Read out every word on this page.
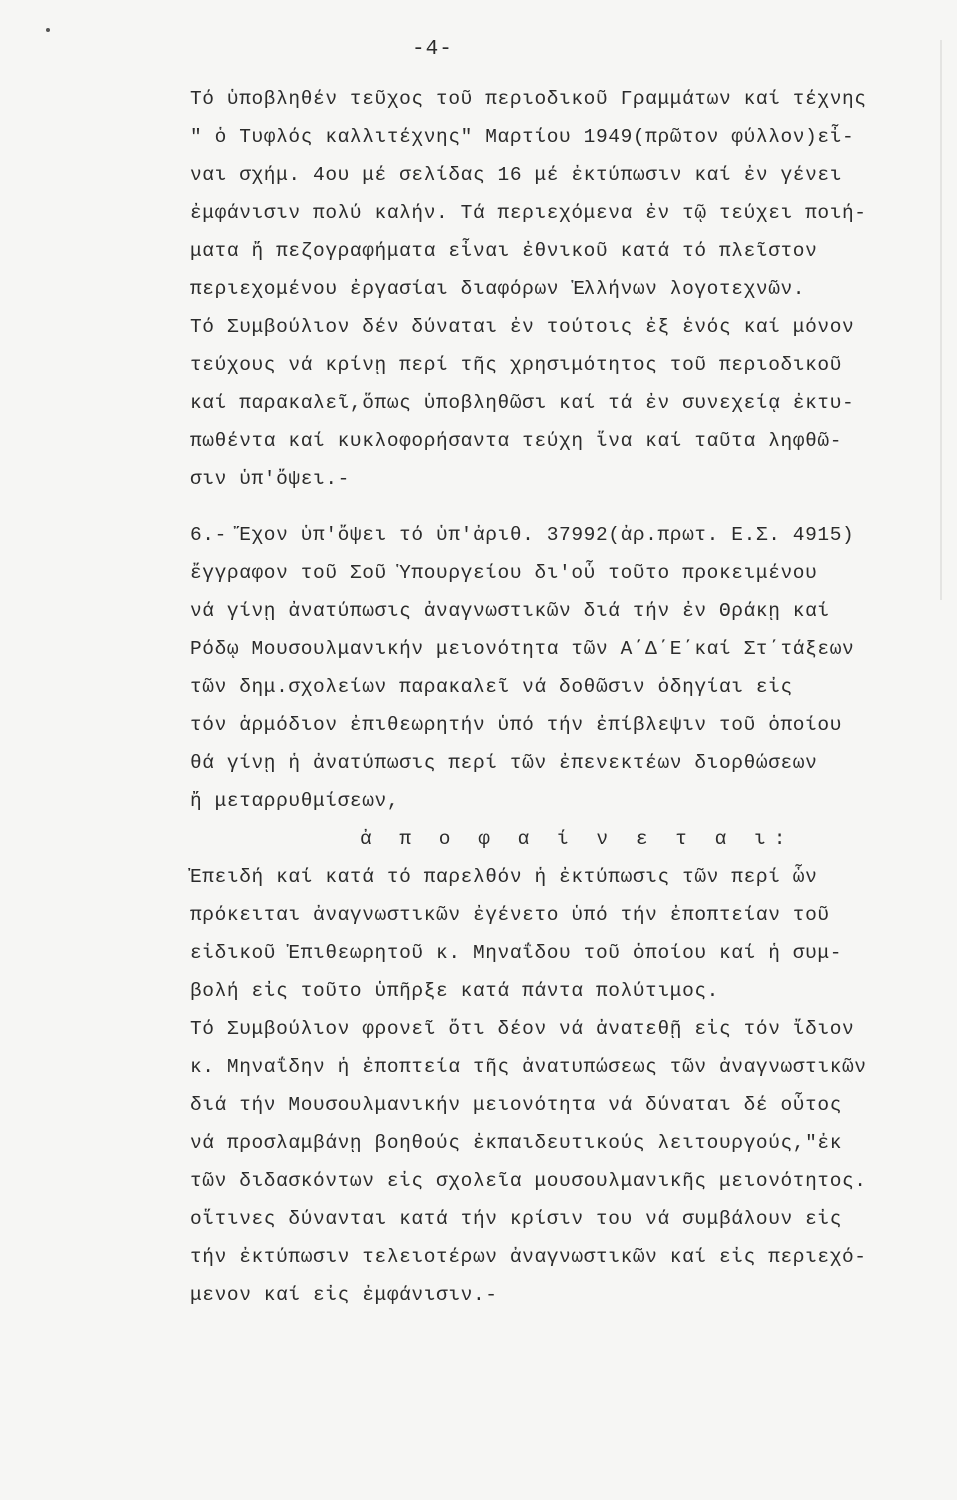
-4-
Τό ὑποβληθέν τεῦχος τοῦ περιοδικοῦ Γραμμάτων καί τέχνης
" ὁ Τυφλός καλλιτέχνης" Μαρτίου 1949(πρῶτον φύλλον)εἶ-
ναι σχήμ. 4ου μέ σελίδας 16 μέ ἐκτύπωσιν καί ἐν γένει
ἐμφάνισιν πολύ καλήν. Τά περιεχόμενα ἐν τῷ τεύχει ποιή-
ματα ἤ πεζογραφήματα εἶναι ἐθνικοῦ κατά τό πλεῖστον
περιεχομένου ἐργασίαι διαφόρων Ἑλλήνων λογοτεχνῶν.
Τό Συμβούλιον δέν δύναται ἐν τούτοις ἐξ ἑνός καί μόνον
τεύχους νά κρίνῃ περί τῆς χρησιμότητος τοῦ περιοδικοῦ
καί παρακαλεῖ,ὅπως ὑποβληθῶσι καί τά ἐν συνεχείᾳ ἐκτυ-
πωθέντα καί κυκλοφορήσαντα τεύχη ἵνα καί ταῦτα ληφθῶ-
σιν ὑπ'ὄψει.-
6.- Ἔχον ὑπ'ὄψει τό ὑπ'ἀριθ. 37992(ἀρ.πρωτ. Ε.Σ. 4915)
ἔγγραφον τοῦ Σοῦ Ὑπουργείου δι'οὗ τοῦτο προκειμένου
νά γίνῃ ἀνατύπωσις ἀναγνωστικῶν διά τήν ἐν Θράκῃ καί
Ρόδῳ Μουσουλμανικήν μειονότητα τῶν Α΄Δ΄Ε΄καί Στ΄τάξεων
τῶν δημ.σχολείων παρακαλεῖ νά δοθῶσιν ὁδηγίαι εἰς
τόν ἁρμόδιον ἐπιθεωρητήν ὑπό τήν ἐπίβλεψιν τοῦ ὁποίου
θά γίνῃ ἡ ἀνατύπωσις περί τῶν ἐπενεκτέων διορθώσεων
ἤ μεταρρυθμίσεων,
ἀ π ο φ α ί ν ε τ α ι:
Ἐπειδή καί κατά τό παρελθόν ἡ ἐκτύπωσις τῶν περί ὧν
πρόκειται ἀναγνωστικῶν ἐγένετο ὑπό τήν ἐποπτείαν τοῦ
εἰδικοῦ Ἐπιθεωρητοῦ κ. Μηναΐδου τοῦ ὁποίου καί ἡ συμ-
βολή εἰς τοῦτο ὑπῆρξε κατά πάντα πολύτιμος.
Τό Συμβούλιον φρονεῖ ὅτι δέον νά ἀνατεθῇ εἰς τόν ἴδιον
κ. Μηναΐδην ἡ ἐποπτεία τῆς ἀνατυπώσεως τῶν ἀναγνωστικῶν
διά τήν Μουσουλμανικήν μειονότητα νά δύναται δέ οὗτος
νά προσλαμβάνῃ βοηθούς ἐκπαιδευτικούς λειτουργούς,"ἐκ
τῶν διδασκόντων εἰς σχολεῖα μουσουλμανικῆς μειονότητος.
οἵτινες δύνανται κατά τήν κρίσιν του νά συμβάλουν εἰς
τήν ἐκτύπωσιν τελειοτέρων ἀναγνωστικῶν καί εἰς περιεχό-
μενον καί εἰς ἐμφάνισιν.-
